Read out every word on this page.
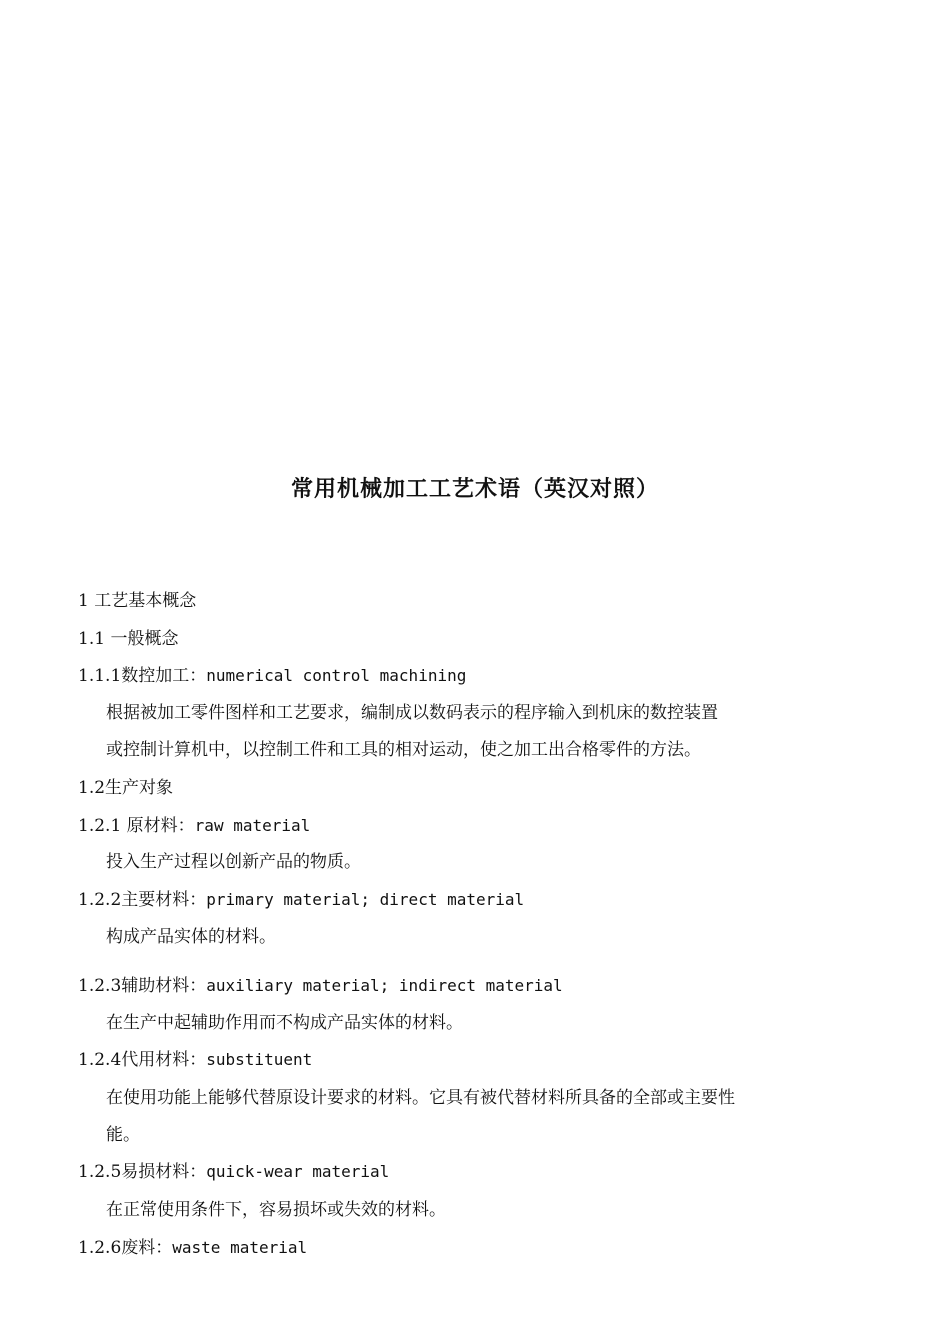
常用机械加工工艺术语（英汉对照）
1 工艺基本概念
1.1 一般概念
1.1.1数控加工：numerical control machining
根据被加工零件图样和工艺要求，编制成以数码表示的程序输入到机床的数控装置
或控制计算机中，以控制工件和工具的相对运动，使之加工出合格零件的方法。
1.2生产对象
1.2.1 原材料：raw material
投入生产过程以创新产品的物质。
1.2.2主要材料：primary material; direct material
构成产品实体的材料。
1.2.3辅助材料：auxiliary material; indirect material
在生产中起辅助作用而不构成产品实体的材料。
1.2.4代用材料：substituent
在使用功能上能够代替原设计要求的材料。它具有被代替材料所具备的全部或主要性
能。
1.2.5易损材料：quick-wear material
在正常使用条件下，容易损坏或失效的材料。
1.2.6废料：waste material
